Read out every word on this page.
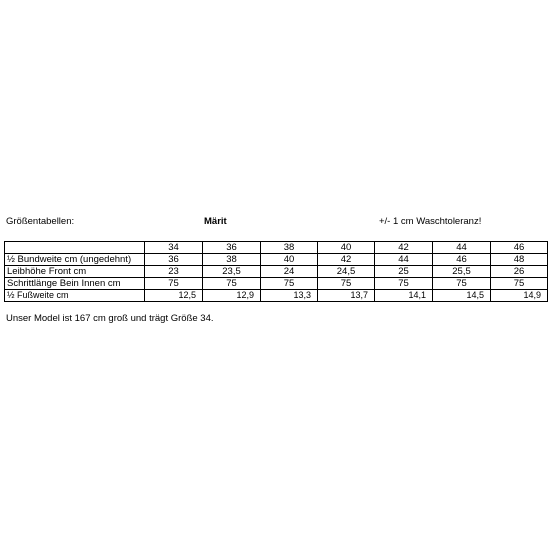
Größentabellen:	Märit	+/- 1 cm Waschtoleranz!
	34	36	38	40	42	44	46
½ Bundweite cm (ungedehnt)	36	38	40	42	44	46	48
Leibhöhe Front cm	23	23,5	24	24,5	25	25,5	26
Schrittlänge Bein Innen cm	75	75	75	75	75	75	75
½ Fußweite cm	12,5	12,9	13,3	13,7	14,1	14,5	14,9
Unser Model ist 167 cm groß und trägt Größe 34.
